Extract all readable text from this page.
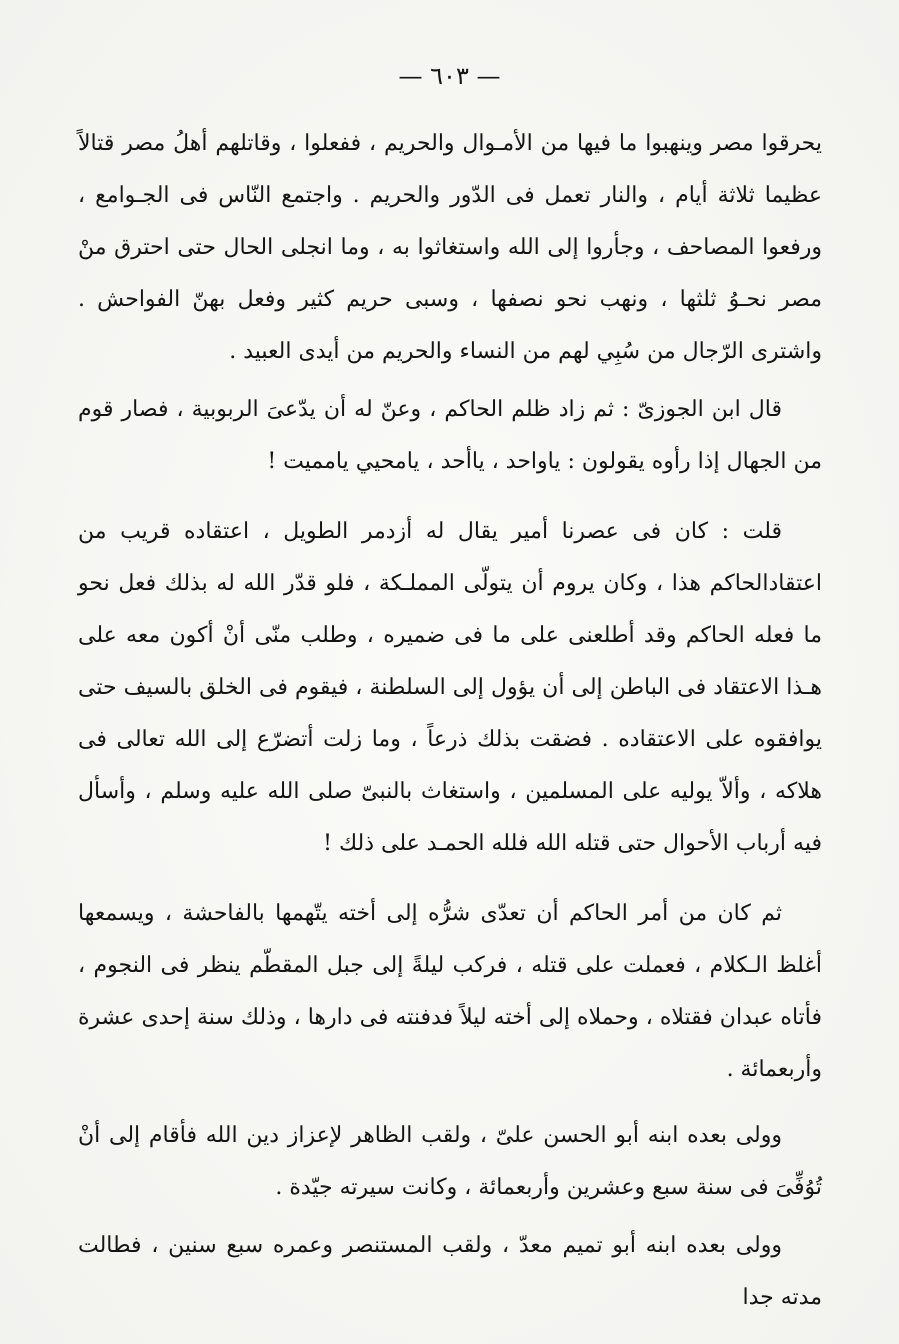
— ٦٠٣ —

يحرقوا مصر وينهبوا ما فيها من الأمـوال والحريم ، ففعلوا ، وقاتلهم أهلُ مصر قتالاً عظيما ثلاثة أيام ، والنار تعمل فى الدّور والحريم . واجتمع النّاس فى الجـوامع ، ورفعوا المصاحف ، وجأروا إلى الله واستغاثوا به ، وما انجلى الحال حتى احترق منْ مصر نحـوُ ثلثها ، ونهب نحو نصفها ، وسبى حريم كثير وفعل بهنّ الفواحش . واشترى الرّجال من سُبِي لهم من النساء والحريم من أيدى العبيد .

قال ابن الجوزىّ : ثم زاد ظلم الحاكم ، وعنّ له أن يدّعىَ الربوبية ، فصار قوم من الجهال إذا رأوه يقولون : ياواحد ، ياأحد ، يامحيي يامميت !

قلت : كان فى عصرنا أمير يقال له أزدمر الطويل ، اعتقاده قريب من اعتقادالحاكم هذا ، وكان يروم أن يتولّى المملـكة ، فلو قدّر الله له بذلك فعل نحو ما فعله الحاكم وقد أطلعنى على ما فى ضميره ، وطلب منّى أنْ أكون معه على هـذا الاعتقاد فى الباطن إلى أن يؤول إلى السلطنة ، فيقوم فى الخلق بالسيف حتى يوافقوه على الاعتقاده . فضقت بذلك ذرعاً ، وما زلت أتضرّع إلى الله تعالى فى هلاكه ، وألاّ يوليه على المسلمين ، واستغاث بالنبىّ صلى الله عليه وسلم ، وأسأل فيه أرباب الأحوال حتى قتله الله فلله الحمـد على ذلك !

ثم كان من أمر الحاكم أن تعدّى شرُّه إلى أخته يتّهمها بالفاحشة ، ويسمعها أغلظ الـكلام ، فعملت على قتله ، فركب ليلةً إلى جبل المقطّم ينظر فى النجوم ، فأتاه عبدان فقتلاه ، وحملاه إلى أخته ليلاً فدفنته فى دارها ، وذلك سنة إحدى عشرة وأربعمائة .

وولى بعده ابنه أبو الحسن علىّ ، ولقب الظاهر لإعزاز دين الله فأقام إلى أنْ تُوُفِّىَ فى سنة سبع وعشرين وأربعمائة ، وكانت سيرته جيّدة .

وولى بعده ابنه أبو تميم معدّ ، ولقب المستنصر وعمره سبع سنين ، فطالت مدته جدا
